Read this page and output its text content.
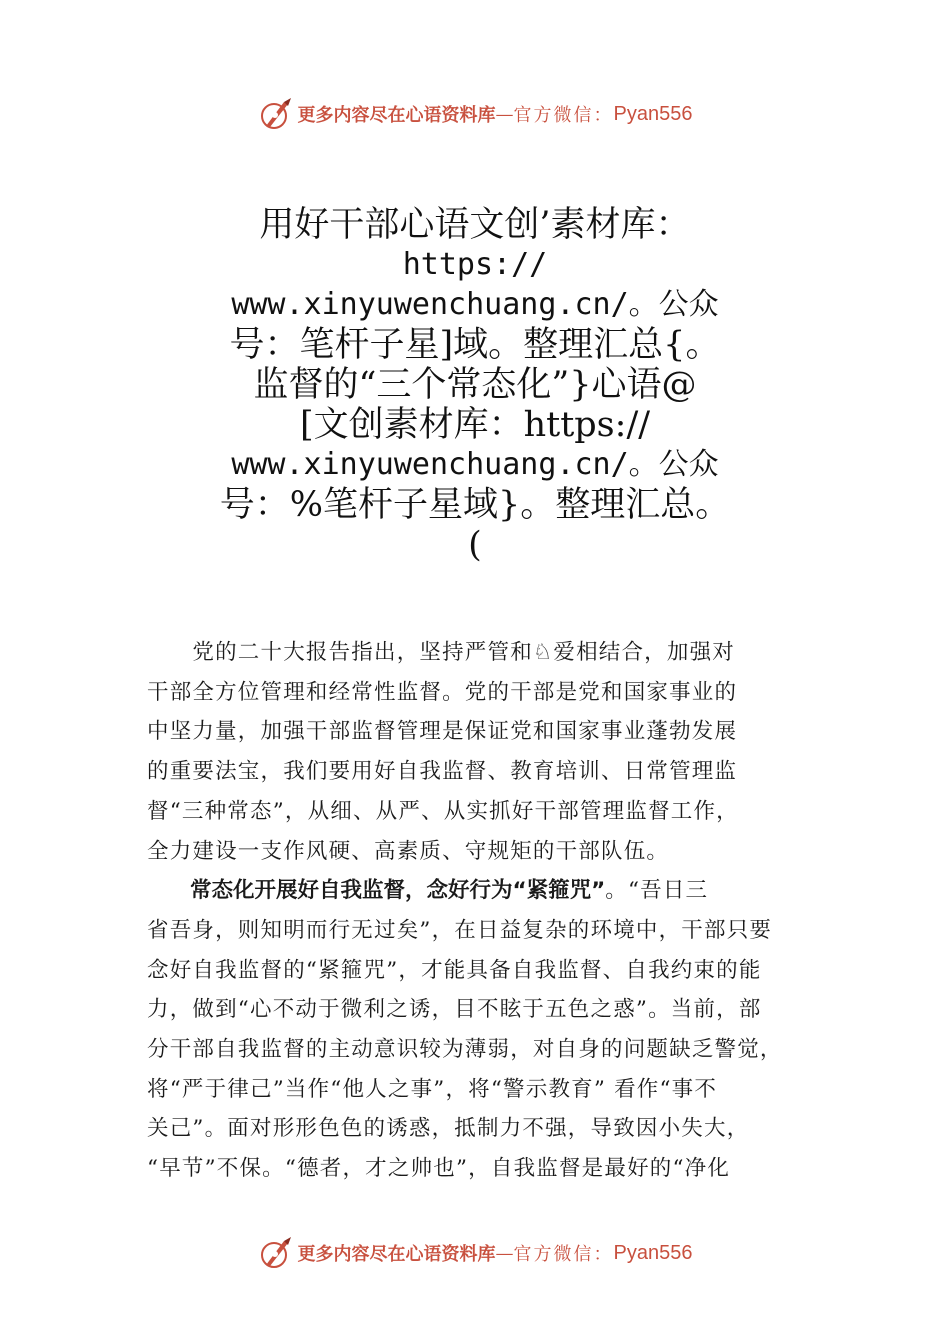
更多内容尽在心语资料库 — 官方微信： Pyan556
用好干部心语文创’素材库：
https://
www.xinyuwenchuang.cn/。公众
号：笔杆子星]域。整理汇总{。
监督的“三个常态化”}心语@
[文创素材库：https://
www.xinyuwenchuang.cn/。公众
号：%笔杆子星域}。整理汇总。
(
　　党的二十大报告指出，坚持严管和♘爱相结合，加强对
干部全方位管理和经常性监督。党的干部是党和国家事业的
中坚力量，加强干部监督管理是保证党和国家事业蓬勃发展
的重要法宝，我们要用好自我监督、教育培训、日常管理监
督“三种常态”，从细、从严、从实抓好干部管理监督工作，
全力建设一支作风硬、高素质、守规矩的干部队伍。
　　常态化开展好自我监督，念好行为“紧箍咒”。“吾日三
省吾身，则知明而行无过矣”，在日益复杂的环境中，干部只要
念好自我监督的“紧箍咒”，才能具备自我监督、自我约束的能
力，做到“心不动于微利之诱，目不眩于五色之惑”。当前，部
分干部自我监督的主动意识较为薄弱，对自身的问题缺乏警觉，
将“严于律己”当作“他人之事”，将“警示教育” 看作“事不
关己”。面对形形色色的诱惑，抵制力不强，导致因小失大，
“早节”不保。“德者，才之帅也”，自我监督是最好的“净化
更多内容尽在心语资料库 — 官方微信： Pyan556
